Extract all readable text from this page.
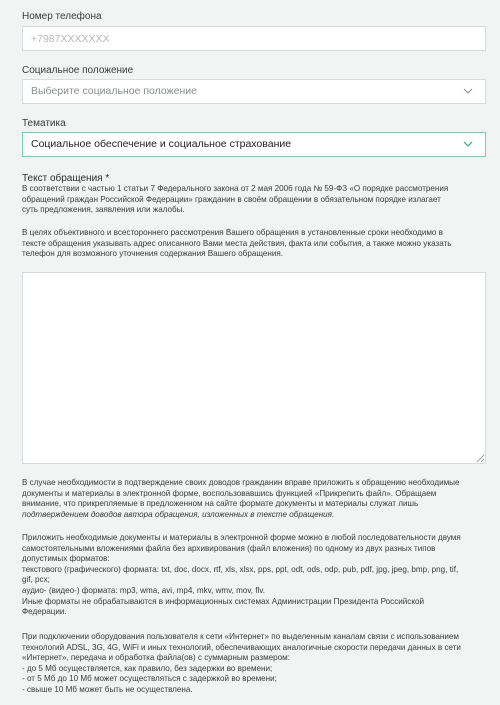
Номер телефона
+7987XXXXXXX
Социальное положение
Выберите социальное положение
Тематика
Социальное обеспечение и социальное страхование
Текст обращения *
В соответствии с частью 1 статьи 7 Федерального закона от 2 мая 2006 года № 59-ФЗ «О порядке рассмотрения
обращений граждан Российской Федерации» гражданин в своём обращении в обязательном порядке излагает
суть предложения, заявления или жалобы.
В целях объективного и всестороннего рассмотрения Вашего обращения в установленные сроки необходимо в
тексте обращения указывать адрес описанного Вами места действия, факта или события, а также можно указать
телефон для возможного уточнения содержания Вашего обращения.
В случае необходимости в подтверждение своих доводов гражданин вправе приложить к обращению необходимые
документы и материалы в электронной форме, воспользовавшись функцией «Прикрепить файл». Обращаем
внимание, что прикрепляемые в предложенном на сайте формате документы и материалы служат лишь
подтверждением доводов автора обращения, изложенных в тексте обращения.
Приложить необходимые документы и материалы в электронной форме можно в любой последовательности двумя
самостоятельными вложениями файла без архивирования (файл вложения) по одному из двух разных типов
допустимых форматов:
текстового (графического) формата: txt, doc, docx, rtf, xls, xlsx, pps, ppt, odt, ods, odp, pub, pdf, jpg, jpeg, bmp, png, tif,
gif, pcx;
аудио- (видео-) формата: mp3, wma, avi, mp4, mkv, wmv, mov, flv.
Иные форматы не обрабатываются в информационных системах Администрации Президента Российской
Федерации.
При подключении оборудования пользователя к сети «Интернет» по выделенным каналам связи с использованием
технологий ADSL, 3G, 4G, WiFi и иных технологий, обеспечивающих аналогичные скорости передачи данных в сети
«Интернет», передача и обработка файла(ов) с суммарным размером:
- до 5 Мб осуществляется, как правило, без задержки во времени;
- от 5 Мб до 10 Мб может осуществляться с задержкой во времени;
- свыше 10 Мб может быть не осуществлена.
